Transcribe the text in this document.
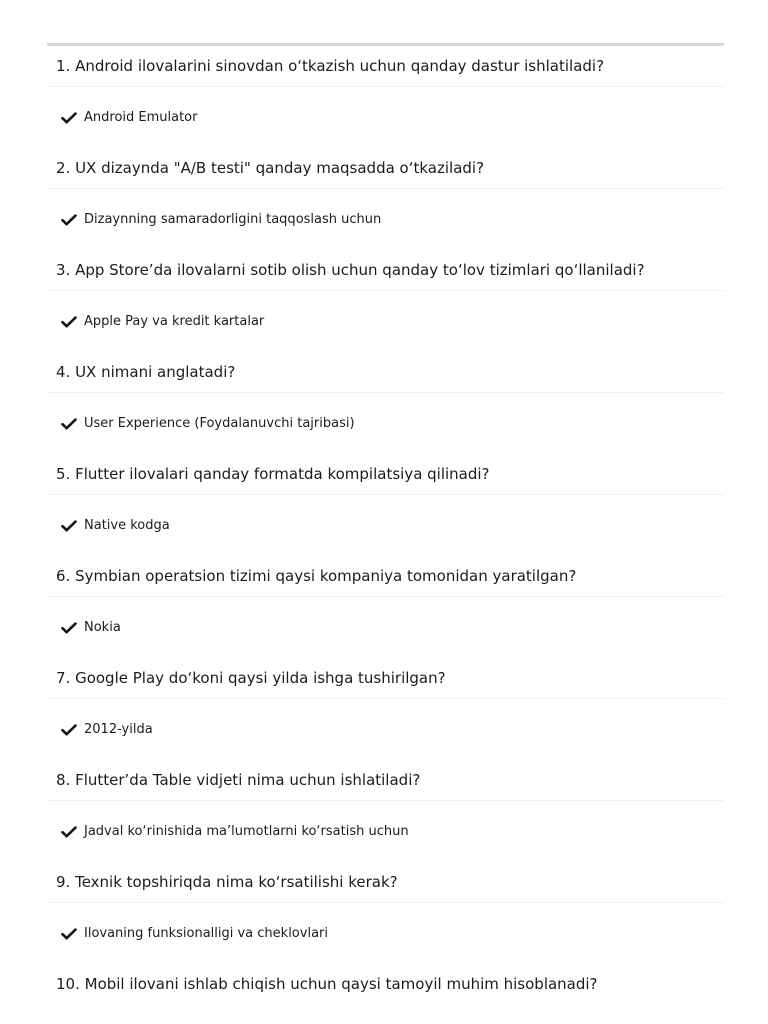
1. Android ilovalarini sinovdan o‘tkazish uchun qanday dastur ishlatiladi?
Android Emulator
2. UX dizaynda "A/B testi" qanday maqsadda o‘tkaziladi?
Dizaynning samaradorligini taqqoslash uchun
3. App Store’da ilovalarni sotib olish uchun qanday to‘lov tizimlari qo‘llaniladi?
Apple Pay va kredit kartalar
4. UX nimani anglatadi?
User Experience (Foydalanuvchi tajribasi)
5. Flutter ilovalari qanday formatda kompilatsiya qilinadi?
Native kodga
6. Symbian operatsion tizimi qaysi kompaniya tomonidan yaratilgan?
Nokia
7. Google Play do‘koni qaysi yilda ishga tushirilgan?
2012-yilda
8. Flutter’da Table vidjeti nima uchun ishlatiladi?
Jadval ko‘rinishida ma’lumotlarni ko‘rsatish uchun
9. Texnik topshiriqda nima ko‘rsatilishi kerak?
Ilovaning funksionalligi va cheklovlari
10. Mobil ilovani ishlab chiqish uchun qaysi tamoyil muhim hisoblanadi?
